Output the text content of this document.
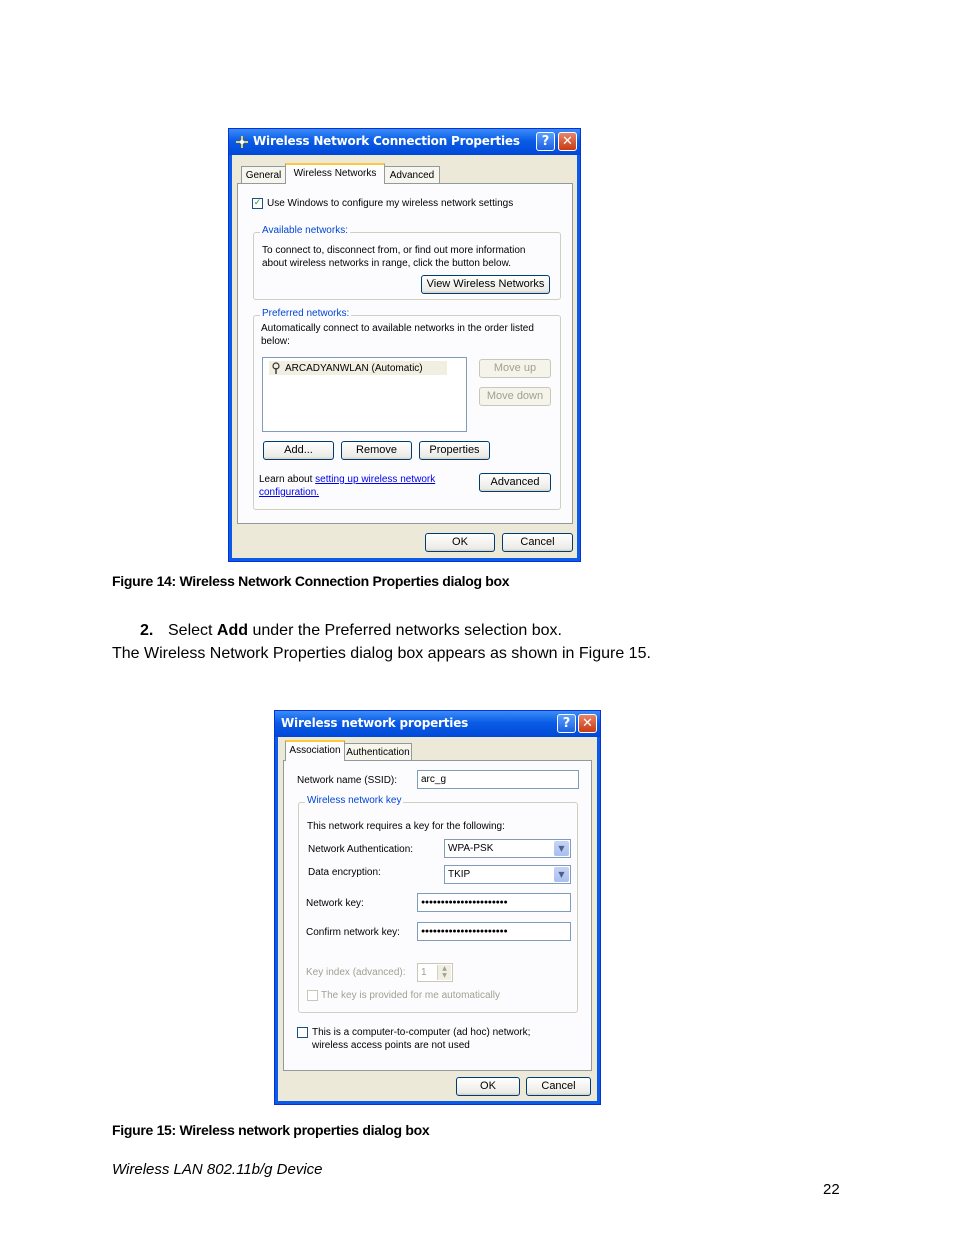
Wireless Network Connection Properties	? ✕
General	Wireless Networks	Advanced
✓ Use Windows to configure my wireless network settings
Available networks:
To connect to, disconnect from, or find out more information about wireless networks in range, click the button below.
View Wireless Networks
Preferred networks:
Automatically connect to available networks in the order listed below:
ARCADYANWLAN (Automatic)	Move up
Move down
Add...	Remove	Properties
Learn about setting up wireless network
configuration.
Advanced
OK	Cancel
Figure 14: Wireless Network Connection Properties dialog box
2. Select Add under the Preferred networks selection box.
The Wireless Network Properties dialog box appears as shown in Figure 15.
Wireless network properties	? ✕
Association Authentication
Network name (SSID):	arc_g
Wireless network key
This network requires a key for the following:
Network Authentication:	WPA-PSK	▼
Data encryption:	TKIP	▼
Network key:	●●●●●●●●●●●●●●●●●●●●●●
Confirm network key:	●●●●●●●●●●●●●●●●●●●●●●
Key index (advanced):	1	▲
▼
The key is provided for me automatically
This is a computer-to-computer (ad hoc) network; wireless access points are not used
OK	Cancel
Figure 15: Wireless network properties dialog box
Wireless LAN 802.11b/g Device
22
